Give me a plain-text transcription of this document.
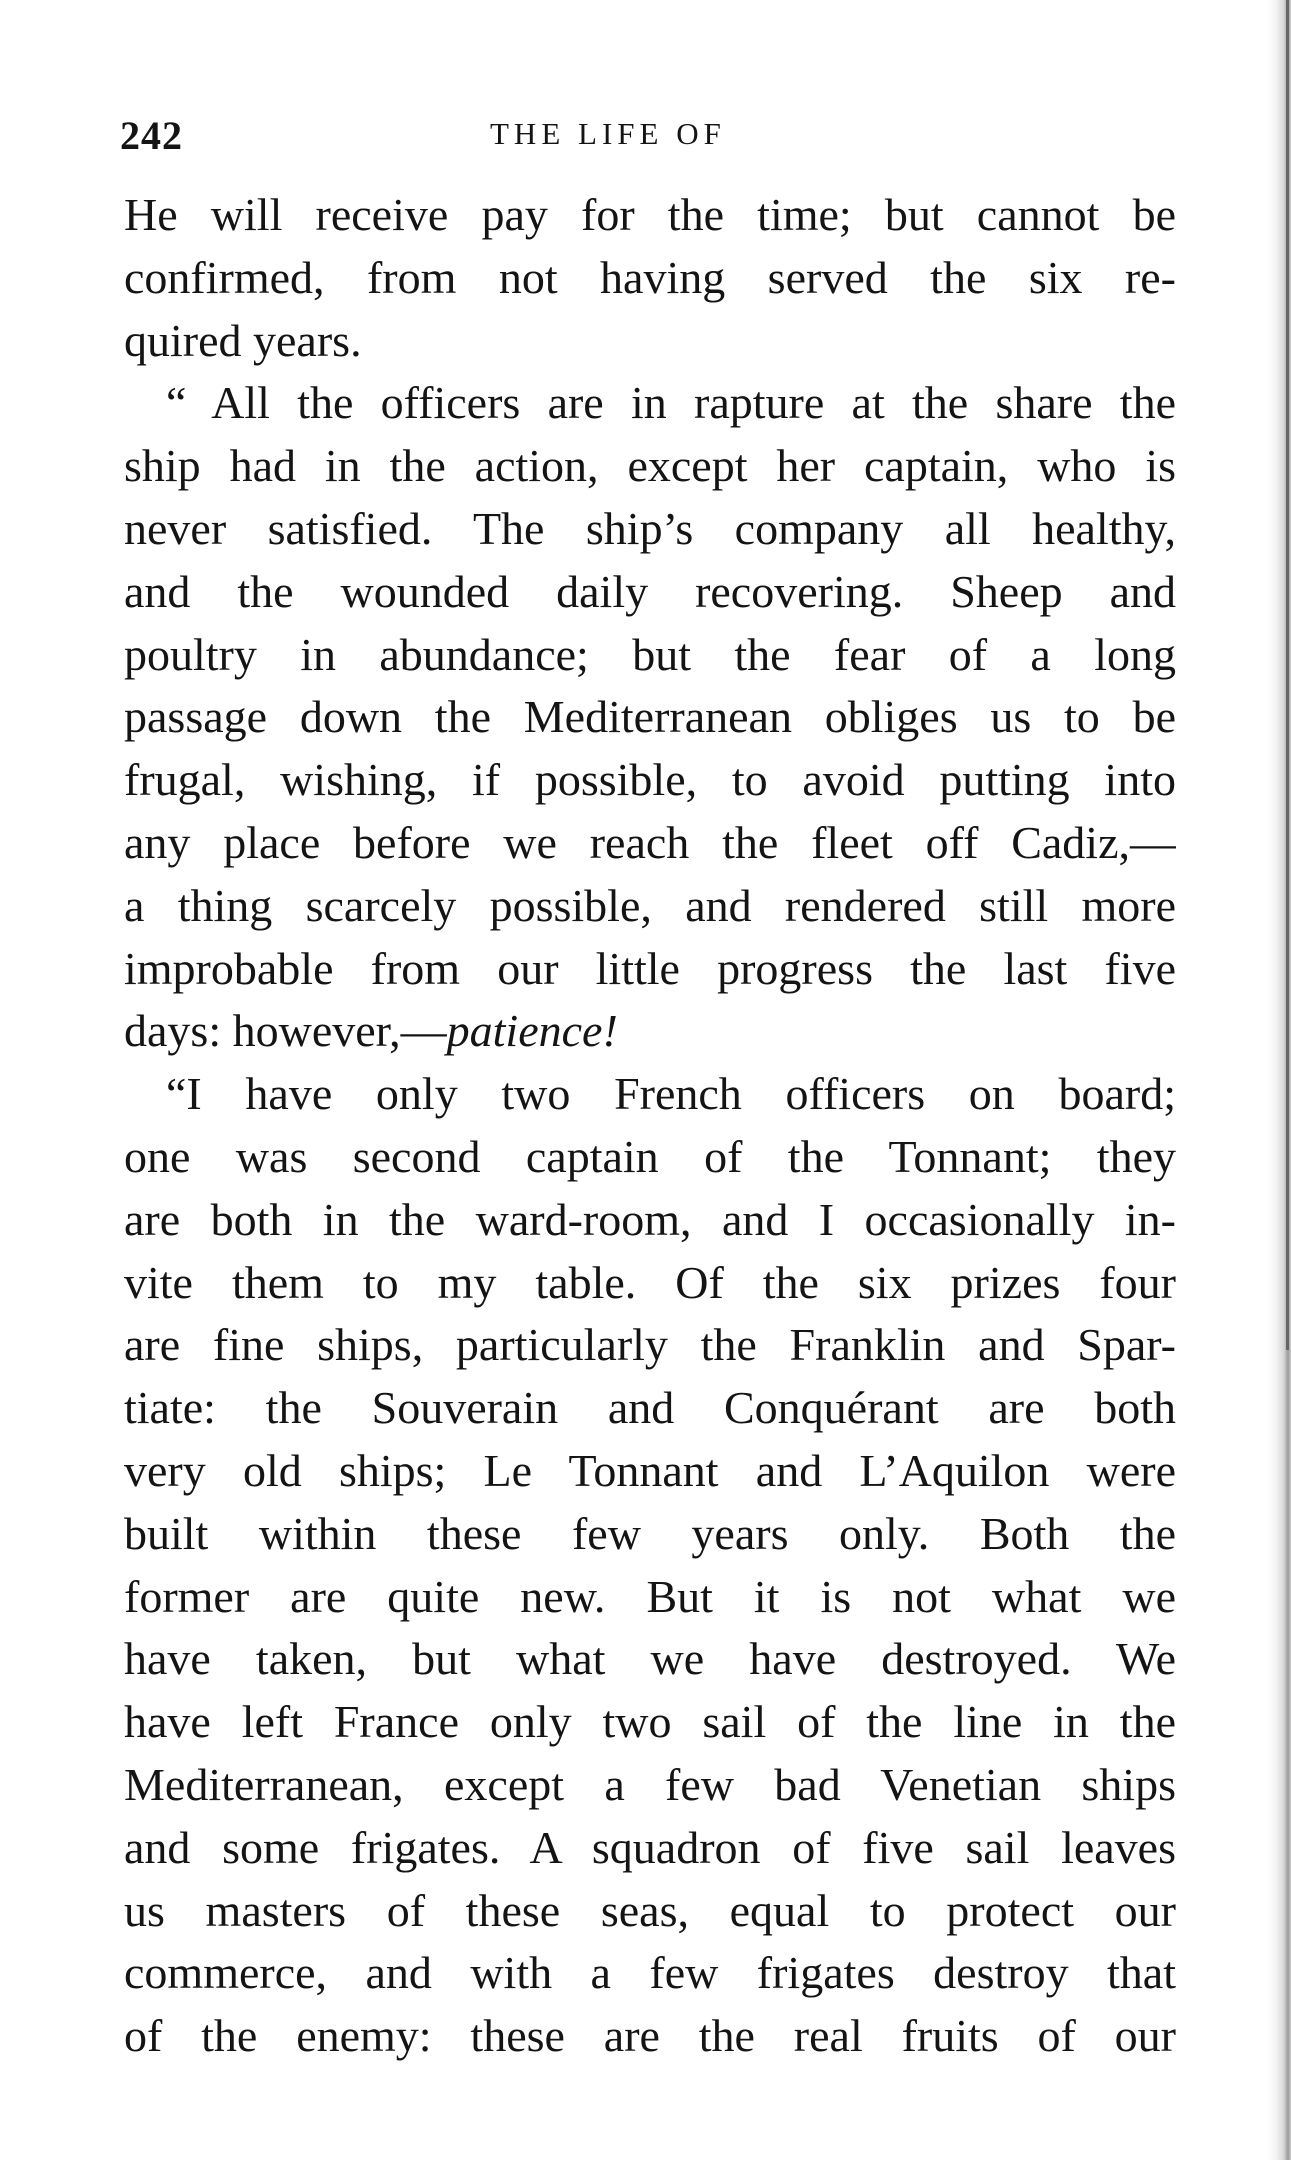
242	THE LIFE OF
He will receive pay for the time; but cannot be
confirmed, from not having served the six re-
quired years.
“ All the officers are in rapture at the share the
ship had in the action, except her captain, who is
never satisfied. The ship’s company all healthy,
and the wounded daily recovering. Sheep and
poultry in abundance; but the fear of a long
passage down the Mediterranean obliges us to be
frugal, wishing, if possible, to avoid putting into
any place before we reach the fleet off Cadiz,—
a thing scarcely possible, and rendered still more
improbable from our little progress the last five
days: however,—patience!
“I have only two French officers on board;
one was second captain of the Tonnant; they
are both in the ward-room, and I occasionally in-
vite them to my table. Of the six prizes four
are fine ships, particularly the Franklin and Spar-
tiate: the Souverain and Conquérant are both
very old ships; Le Tonnant and L’Aquilon were
built within these few years only. Both the
former are quite new. But it is not what we
have taken, but what we have destroyed. We
have left France only two sail of the line in the
Mediterranean, except a few bad Venetian ships
and some frigates. A squadron of five sail leaves
us masters of these seas, equal to protect our
commerce, and with a few frigates destroy that
of the enemy: these are the real fruits of our
